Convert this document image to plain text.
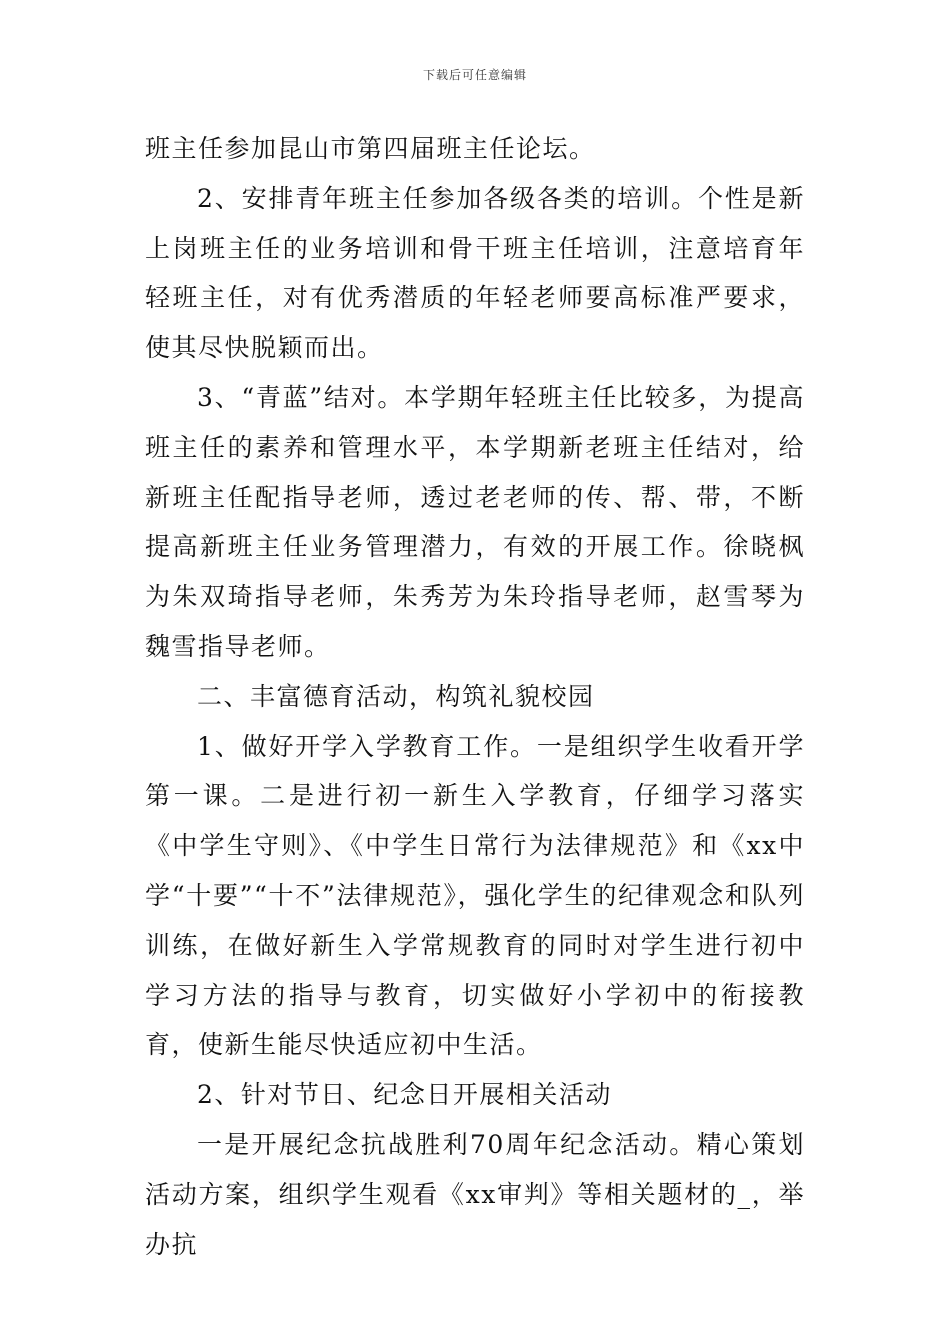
下载后可任意编辑

班主任参加昆山市第四届班主任论坛。

2、安排青年班主任参加各级各类的培训。个性是新上岗班主任的业务培训和骨干班主任培训，注意培育年轻班主任，对有优秀潜质的年轻老师要高标准严要求，使其尽快脱颖而出。

3、“青蓝”结对。本学期年轻班主任比较多，为提高班主任的素养和管理水平，本学期新老班主任结对，给新班主任配指导老师，透过老老师的传、帮、带，不断提高新班主任业务管理潜力，有效的开展工作。徐晓枫为朱双琦指导老师，朱秀芳为朱玲指导老师，赵雪琴为魏雪指导老师。

二、丰富德育活动，构筑礼貌校园

1、做好开学入学教育工作。一是组织学生收看开学第一课。二是进行初一新生入学教育，仔细学习落实《中学生守则》、《中学生日常行为法律规范》和《xx中学“十要”“十不”法律规范》，强化学生的纪律观念和队列训练，在做好新生入学常规教育的同时对学生进行初中学习方法的指导与教育，切实做好小学初中的衔接教育，使新生能尽快适应初中生活。

2、针对节日、纪念日开展相关活动

一是开展纪念抗战胜利70周年纪念活动。精心策划活动方案，组织学生观看《xx审判》等相关题材的_，举办抗
